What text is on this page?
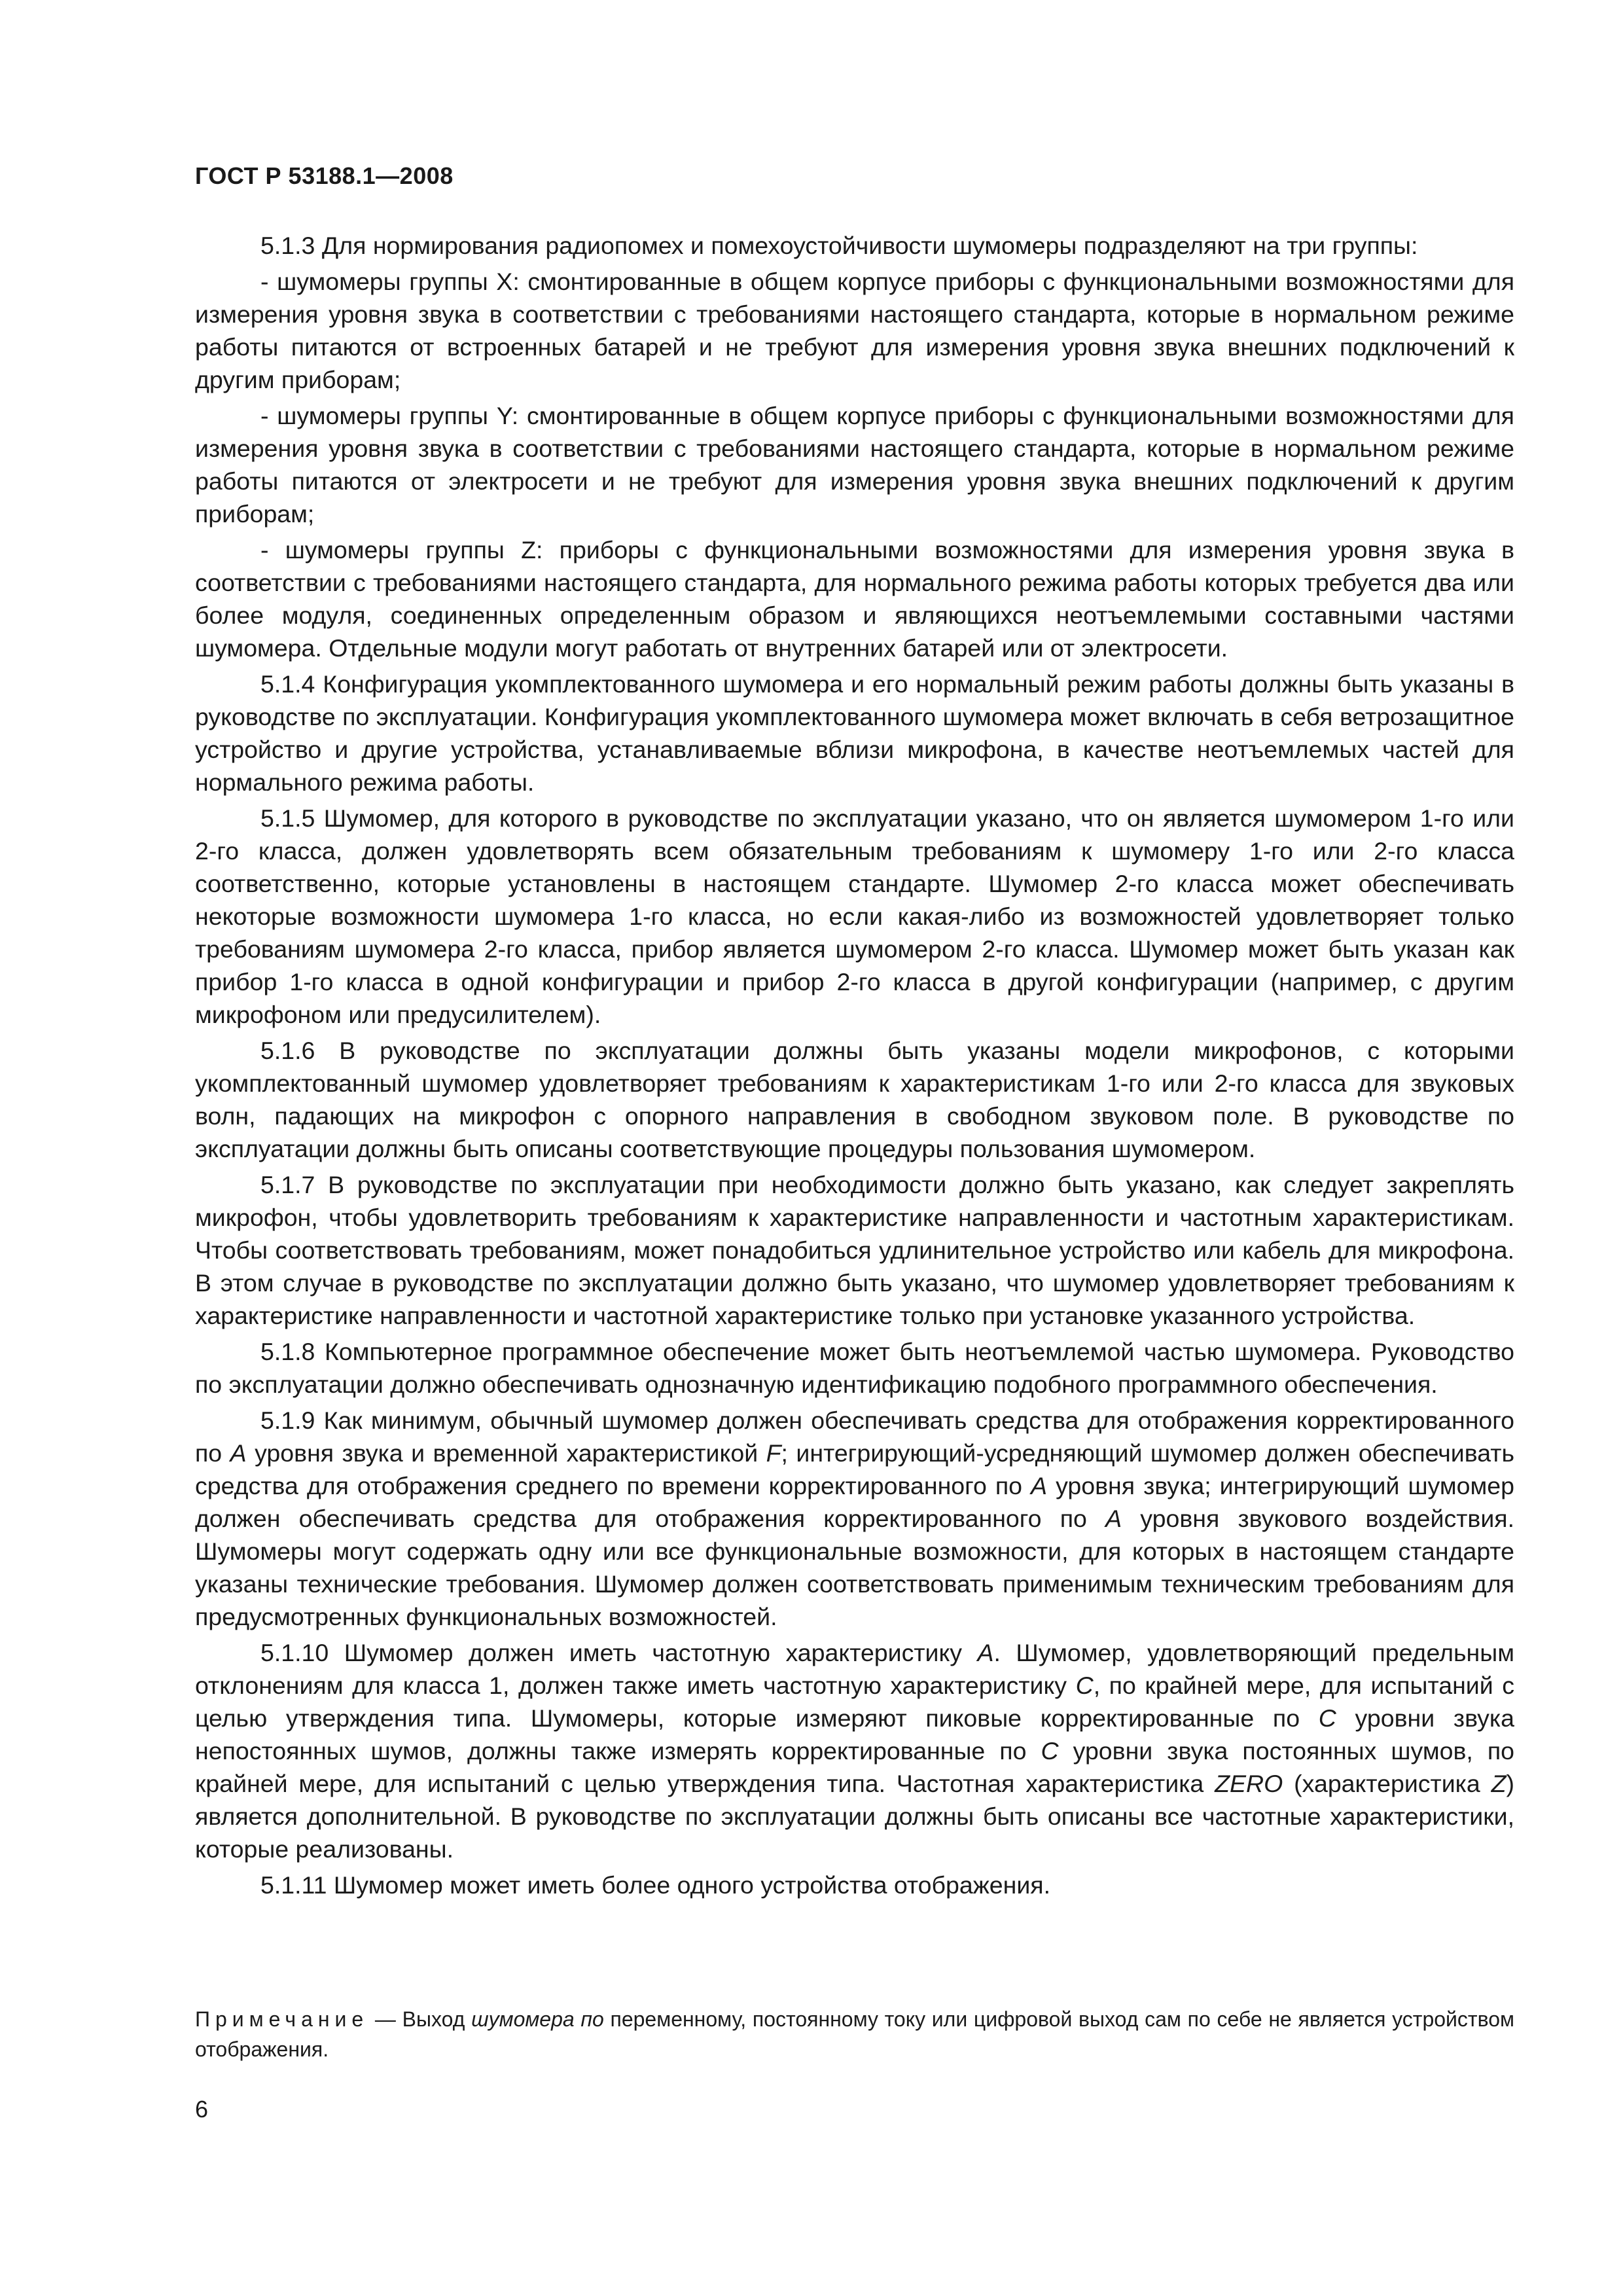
ГОСТ Р 53188.1—2008

5.1.3 Для нормирования радиопомех и помехоустойчивости шумомеры подразделяют на три группы:

- шумомеры группы X: смонтированные в общем корпусе приборы с функциональными возможностями для измерения уровня звука в соответствии с требованиями настоящего стандарта, которые в нормальном режиме работы питаются от встроенных батарей и не требуют для измерения уровня звука внешних подключений к другим приборам;

- шумомеры группы Y: смонтированные в общем корпусе приборы с функциональными возможностями для измерения уровня звука в соответствии с требованиями настоящего стандарта, которые в нормальном режиме работы питаются от электросети и не требуют для измерения уровня звука внешних подключений к другим приборам;

- шумомеры группы Z: приборы с функциональными возможностями для измерения уровня звука в соответствии с требованиями настоящего стандарта, для нормального режима работы которых требуется два или более модуля, соединенных определенным образом и являющихся неотъемлемыми составными частями шумомера. Отдельные модули могут работать от внутренних батарей или от электросети.

5.1.4 Конфигурация укомплектованного шумомера и его нормальный режим работы должны быть указаны в руководстве по эксплуатации. Конфигурация укомплектованного шумомера может включать в себя ветрозащитное устройство и другие устройства, устанавливаемые вблизи микрофона, в качестве неотъемлемых частей для нормального режима работы.

5.1.5 Шумомер, для которого в руководстве по эксплуатации указано, что он является шумомером 1-го или 2-го класса, должен удовлетворять всем обязательным требованиям к шумомеру 1-го или 2-го класса соответственно, которые установлены в настоящем стандарте. Шумомер 2-го класса может обеспечивать некоторые возможности шумомера 1-го класса, но если какая-либо из возможностей удовлетворяет только требованиям шумомера 2-го класса, прибор является шумомером 2-го класса. Шумомер может быть указан как прибор 1-го класса в одной конфигурации и прибор 2-го класса в другой конфигурации (например, с другим микрофоном или предусилителем).

5.1.6 В руководстве по эксплуатации должны быть указаны модели микрофонов, с которыми укомплектованный шумомер удовлетворяет требованиям к характеристикам 1-го или 2-го класса для звуковых волн, падающих на микрофон с опорного направления в свободном звуковом поле. В руководстве по эксплуатации должны быть описаны соответствующие процедуры пользования шумомером.

5.1.7 В руководстве по эксплуатации при необходимости должно быть указано, как следует закреплять микрофон, чтобы удовлетворить требованиям к характеристике направленности и частотным характеристикам. Чтобы соответствовать требованиям, может понадобиться удлинительное устройство или кабель для микрофона. В этом случае в руководстве по эксплуатации должно быть указано, что шумомер удовлетворяет требованиям к характеристике направленности и частотной характеристике только при установке указанного устройства.

5.1.8 Компьютерное программное обеспечение может быть неотъемлемой частью шумомера. Руководство по эксплуатации должно обеспечивать однозначную идентификацию подобного программного обеспечения.

5.1.9 Как минимум, обычный шумомер должен обеспечивать средства для отображения корректированного по А уровня звука и временной характеристикой F; интегрирующий-усредняющий шумомер должен обеспечивать средства для отображения среднего по времени корректированного по А уровня звука; интегрирующий шумомер должен обеспечивать средства для отображения корректированного по А уровня звукового воздействия. Шумомеры могут содержать одну или все функциональные возможности, для которых в настоящем стандарте указаны технические требования. Шумомер должен соответствовать применимым техническим требованиям для предусмотренных функциональных возможностей.

5.1.10 Шумомер должен иметь частотную характеристику А. Шумомер, удовлетворяющий предельным отклонениям для класса 1, должен также иметь частотную характеристику С, по крайней мере, для испытаний с целью утверждения типа. Шумомеры, которые измеряют пиковые корректированные по С уровни звука непостоянных шумов, должны также измерять корректированные по С уровни звука постоянных шумов, по крайней мере, для испытаний с целью утверждения типа. Частотная характеристика ZERO (характеристика Z) является дополнительной. В руководстве по эксплуатации должны быть описаны все частотные характеристики, которые реализованы.

5.1.11 Шумомер может иметь более одного устройства отображения.

Примечание — Выход шумомера по переменному, постоянному току или цифровой выход сам по себе не является устройством отображения.

6
